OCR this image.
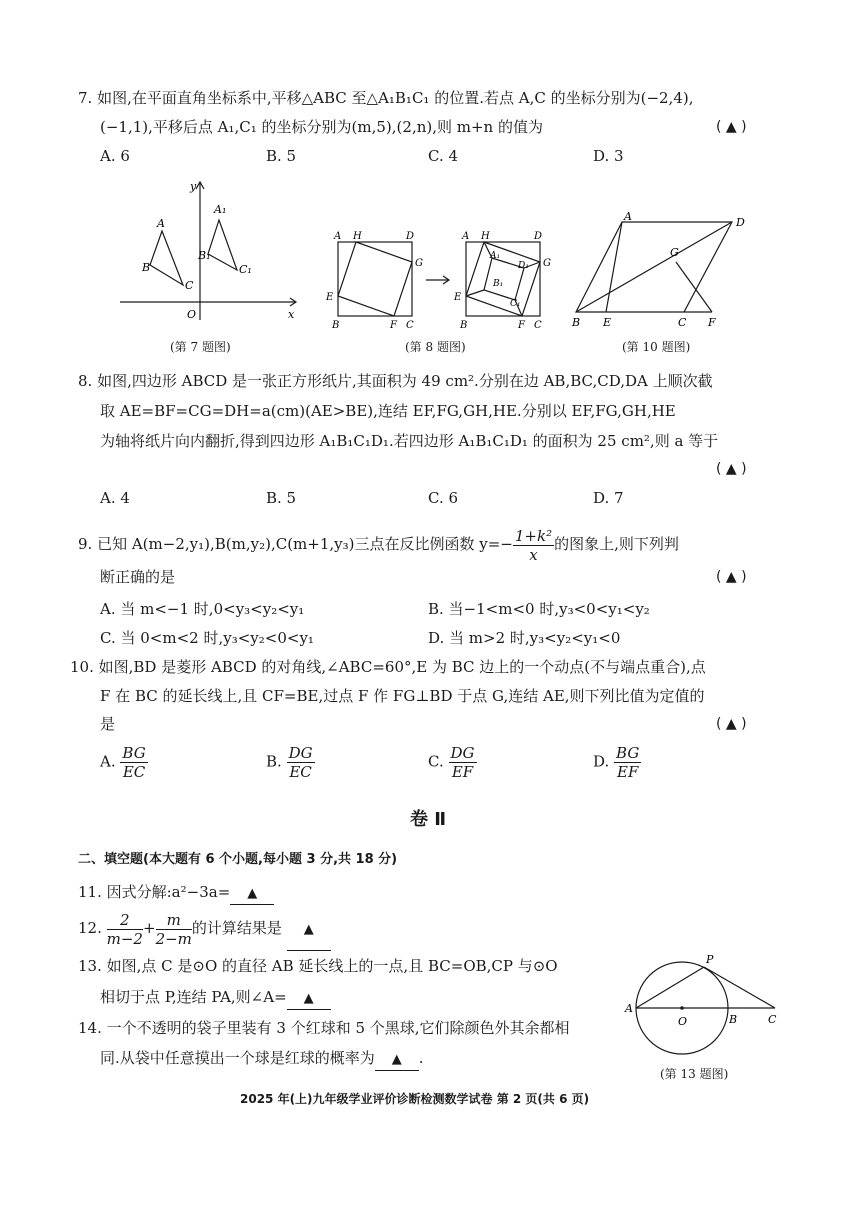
7. 如图,在平面直角坐标系中,平移△ABC 至△A₁B₁C₁ 的位置.若点 A,C 的坐标分别为(−2,4),
(−1,1),平移后点 A₁,C₁ 的坐标分别为(m,5),(2,n),则 m+n 的值为	( ▲ )
A. 6	B. 5	C. 4	D. 3
y
x
O
A
B
C
A₁
B₁
C₁
(第 7 题图)
A H	D
G
E
B	F C
A H	D
G
E
B	F C
A₁
D₁
B₁
C₁
(第 8 题图)
A	D
G
B E	C F
(第 10 题图)
8. 如图,四边形 ABCD 是一张正方形纸片,其面积为 49 cm².分别在边 AB,BC,CD,DA 上顺次截
取 AE=BF=CG=DH=a(cm)(AE>BE),连结 EF,FG,GH,HE.分别以 EF,FG,GH,HE
为轴将纸片向内翻折,得到四边形 A₁B₁C₁D₁.若四边形 A₁B₁C₁D₁ 的面积为 25 cm²,则 a 等于
( ▲ )
A. 4	B. 5	C. 6	D. 7
9. 已知 A(m−2,y₁),B(m,y₂),C(m+1,y₃)三点在反比例函数 $y=- \frac{\text{1+k²}}{x}$ 的图象上,则下列判
断正确的是	( ▲ )
A. 当 m<−1 时,0<y₃<y₂<y₁	B. 当−1<m<0 时,y₃<0<y₁<y₂
C. 当 0<m<2 时,y₃<y₂<0<y₁	D. 当 m>2 时,y₃<y₂<y₁<0
10. 如图,BD 是菱形 ABCD 的对角线,∠ABC=60°,E 为 BC 边上的一个动点(不与端点重合),点
F 在 BC 的延长线上,且 CF=BE,过点 F 作 FG⊥BD 于点 G,连结 AE,则下列比值为定值的
是	( ▲ )
A. $\frac{BG}{EC}$	B. $\frac{DG}{EC}$	C. $\frac{DG}{EF}$	D. $\frac{BG}{EF}$
卷 Ⅱ
二、填空题(本大题有 6 个小题,每小题 3 分,共 18 分)
11. 因式分解:a²−3a= ▲
12. $\frac{2}{m-2} + \frac{m}{2-m}$ 的计算结果是 ▲
13. 如图,点 C 是⊙O 的直径 AB 延长线上的一点,且 BC=OB,CP 与⊙O
相切于点 P,连结 PA,则∠A= ▲
P
A
O	B	C
(第 13 题图)
14. 一个不透明的袋子里装有 3 个红球和 5 个黑球,它们除颜色外其余都相
同.从袋中任意摸出一个球是红球的概率为 ▲ .
2025 年(上)九年级学业评价诊断检测数学试卷 第 2 页(共 6 页)
